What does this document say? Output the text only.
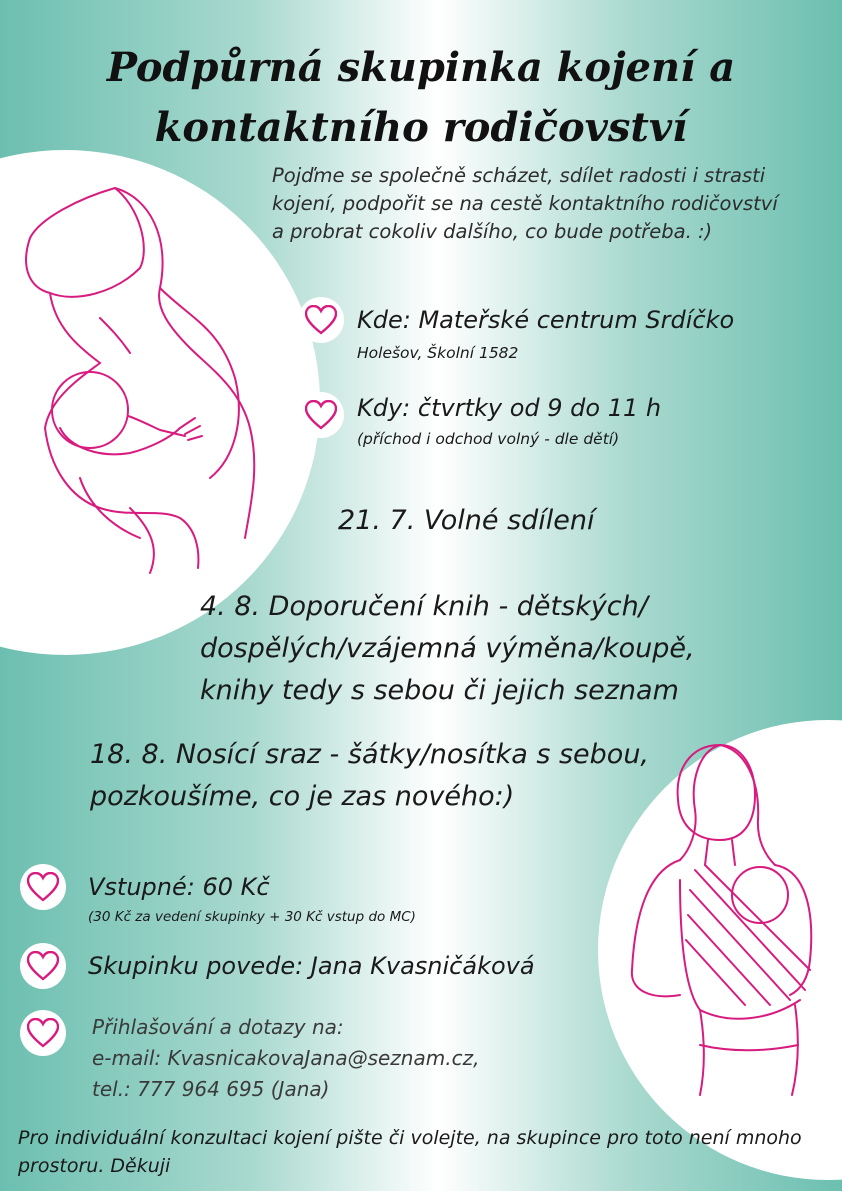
Podpůrná skupinka kojení a
kontaktního rodičovství
Pojďme se společně scházet, sdílet radosti i strasti kojení, podpořit se na cestě kontaktního rodičovství a probrat cokoliv dalšího, co bude potřeba. :)
Kde: Mateřské centrum Srdíčko
Holešov, Školní 1582
Kdy: čtvrtky od 9 do 11 h
(příchod i odchod volný - dle dětí)
21. 7. Volné sdílení
4. 8. Doporučení knih - dětských/
dospělých/vzájemná výměna/koupě,
knihy tedy s sebou či jejich seznam
18. 8. Nosící sraz - šátky/nosítka s sebou,
pozkoušíme, co je zas nového:)
Vstupné: 60 Kč
(30 Kč za vedení skupinky + 30 Kč vstup do MC)
Skupinku povede: Jana Kvasničáková
Přihlašování a dotazy na:
e-mail: KvasnicakovaJana@seznam.cz,
tel.: 777 964 695 (Jana)
Pro individuální konzultaci kojení pište či volejte, na skupince pro toto není mnoho prostoru. Děkuji
